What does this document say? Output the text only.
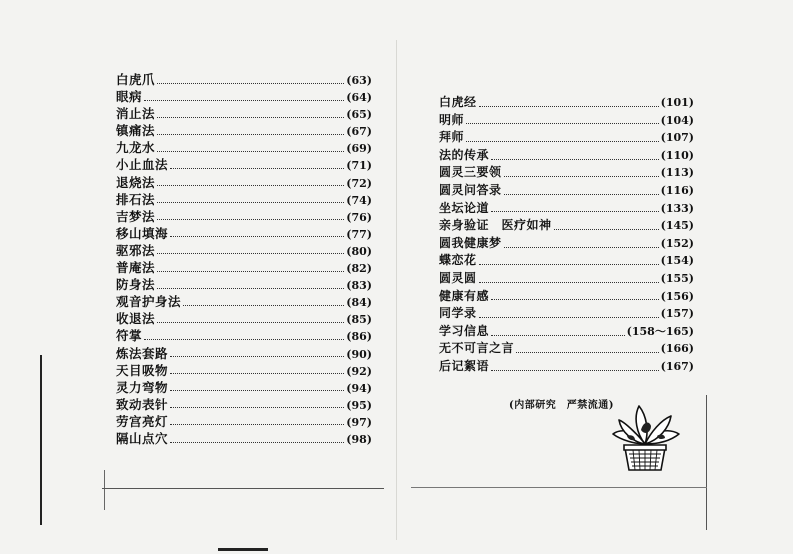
白虎爪	(63)
眼病	(64)
消止法	(65)
镇痛法	(67)
九龙水	(69)
小止血法	(71)
退烧法	(72)
排石法	(74)
吉梦法	(76)
移山填海	(77)
驱邪法	(80)
普庵法	(82)
防身法	(83)
观音护身法	(84)
收退法	(85)
符掌	(86)
炼法套路	(90)
天目吸物	(92)
灵力弯物	(94)
致动表针	(95)
劳宫亮灯	(97)
隔山点穴	(98)
白虎经	(101)
明师	(104)
拜师	(107)
法的传承	(110)
圆灵三要领	(113)
圆灵问答录	(116)
坐坛论道	(133)
亲身验证　医疗如神	(145)
圆我健康梦	(152)
蝶恋花	(154)
圆灵圆	(155)
健康有感	(156)
同学录	(157)
学习信息	(158～165)
无不可言之言	(166)
后记絮语	(167)
(内部研究　严禁流通)
